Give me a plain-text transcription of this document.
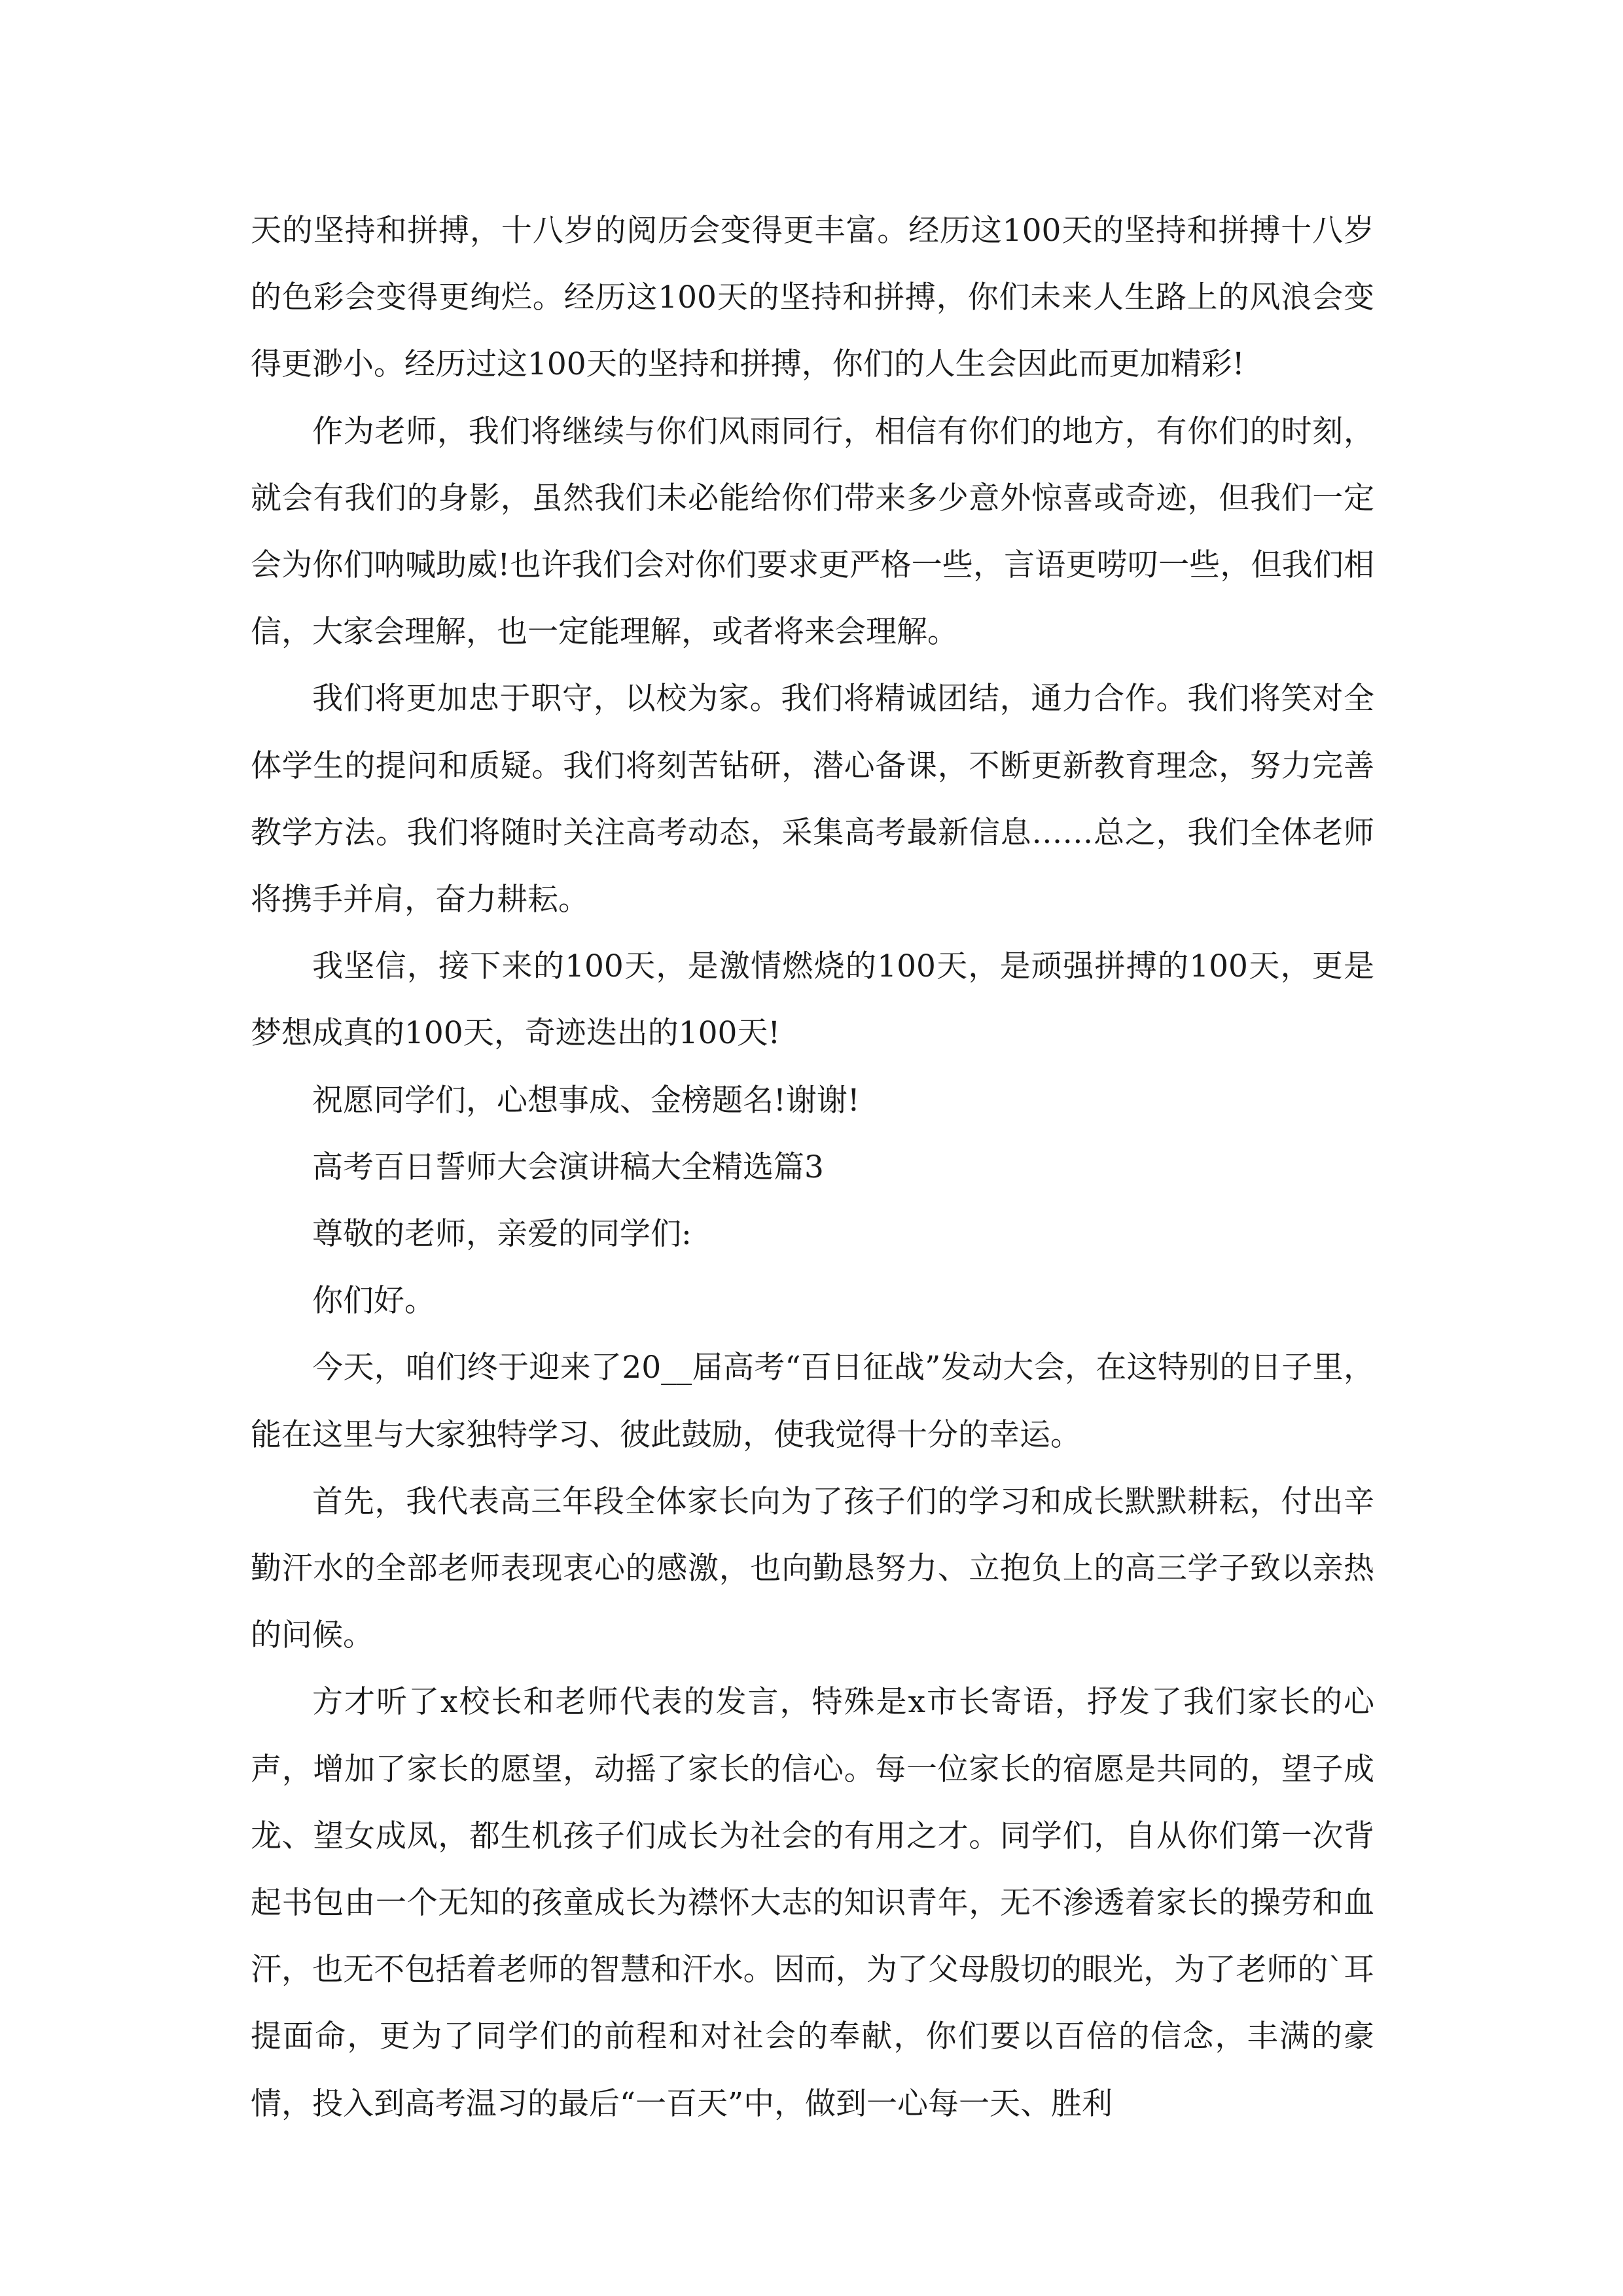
天的坚持和拼搏，十八岁的阅历会变得更丰富。经历这100天的坚持和拼搏十八岁的色彩会变得更绚烂。经历这100天的坚持和拼搏，你们未来人生路上的风浪会变得更渺小。经历过这100天的坚持和拼搏，你们的人生会因此而更加精彩!

作为老师，我们将继续与你们风雨同行，相信有你们的地方，有你们的时刻，就会有我们的身影，虽然我们未必能给你们带来多少意外惊喜或奇迹，但我们一定会为你们呐喊助威!也许我们会对你们要求更严格一些，言语更唠叨一些，但我们相信，大家会理解，也一定能理解，或者将来会理解。

我们将更加忠于职守，以校为家。我们将精诚团结，通力合作。我们将笑对全体学生的提问和质疑。我们将刻苦钻研，潜心备课，不断更新教育理念，努力完善教学方法。我们将随时关注高考动态，采集高考最新信息……总之，我们全体老师将携手并肩，奋力耕耘。

我坚信，接下来的100天，是激情燃烧的100天，是顽强拼搏的100天，更是梦想成真的100天，奇迹迭出的100天!

祝愿同学们，心想事成、金榜题名!谢谢!

高考百日誓师大会演讲稿大全精选篇3

尊敬的老师，亲爱的同学们:

你们好。

今天，咱们终于迎来了20__届高考“百日征战”发动大会，在这特别的日子里，能在这里与大家独特学习、彼此鼓励，使我觉得十分的幸运。

首先，我代表高三年段全体家长向为了孩子们的学习和成长默默耕耘，付出辛勤汗水的全部老师表现衷心的感激，也向勤恳努力、立抱负上的高三学子致以亲热的问候。

方才听了x校长和老师代表的发言，特殊是x市长寄语，抒发了我们家长的心声，增加了家长的愿望，动摇了家长的信心。每一位家长的宿愿是共同的，望子成龙、望女成凤，都生机孩子们成长为社会的有用之才。同学们，自从你们第一次背起书包由一个无知的孩童成长为襟怀大志的知识青年，无不渗透着家长的操劳和血汗，也无不包括着老师的智慧和汗水。因而，为了父母殷切的眼光，为了老师的`耳提面命，更为了同学们的前程和对社会的奉献，你们要以百倍的信念，丰满的豪情，投入到高考温习的最后“一百天”中，做到一心每一天、胜利
